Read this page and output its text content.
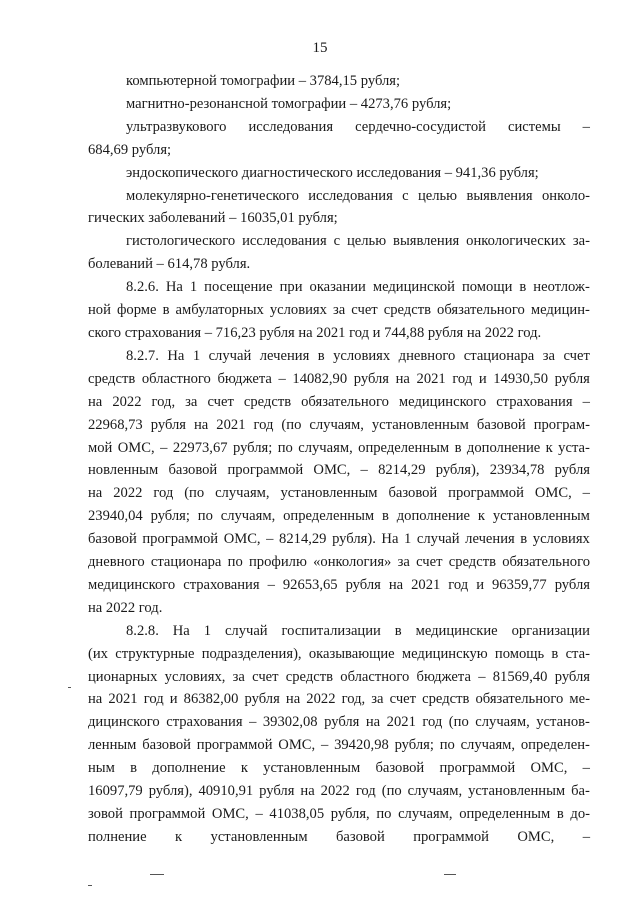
15
компьютерной томографии – 3784,15 рубля;
магнитно-резонансной томографии – 4273,76 рубля;
ультразвукового исследования сердечно-сосудистой системы –
684,69 рубля;
эндоскопического диагностического исследования – 941,36 рубля;
молекулярно-генетического исследования с целью выявления онколо-
гических заболеваний – 16035,01 рубля;
гистологического исследования с целью выявления онкологических за-
болеваний – 614,78 рубля.
8.2.6. На 1 посещение при оказании медицинской помощи в неотлож-
ной форме в амбулаторных условиях за счет средств обязательного медицин-
ского страхования – 716,23 рубля на 2021 год и 744,88 рубля на 2022 год.
8.2.7. На 1 случай лечения в условиях дневного стационара за счет
средств областного бюджета – 14082,90 рубля на 2021 год и 14930,50 рубля
на 2022 год, за счет средств обязательного медицинского страхования –
22968,73 рубля на 2021 год (по случаям, установленным базовой програм-
мой ОМС, – 22973,67 рубля; по случаям, определенным в дополнение к уста-
новленным базовой программой ОМС, – 8214,29 рубля), 23934,78 рубля
на 2022 год (по случаям, установленным базовой программой ОМС, –
23940,04 рубля; по случаям, определенным в дополнение к установленным
базовой программой ОМС, – 8214,29 рубля). На 1 случай лечения в условиях
дневного стационара по профилю «онкология» за счет средств обязательного
медицинского страхования – 92653,65 рубля на 2021 год и 96359,77 рубля
на 2022 год.
8.2.8. На 1 случай госпитализации в медицинские организации
(их структурные подразделения), оказывающие медицинскую помощь в ста-
ционарных условиях, за счет средств областного бюджета – 81569,40 рубля
на 2021 год и 86382,00 рубля на 2022 год, за счет средств обязательного ме-
дицинского страхования – 39302,08 рубля на 2021 год (по случаям, установ-
ленным базовой программой ОМС, – 39420,98 рубля; по случаям, определен-
ным в дополнение к установленным базовой программой ОМС, –
16097,79 рубля), 40910,91 рубля на 2022 год (по случаям, установленным ба-
зовой программой ОМС, – 41038,05 рубля, по случаям, определенным в до-
полнение к установленным базовой программой ОМС, –
